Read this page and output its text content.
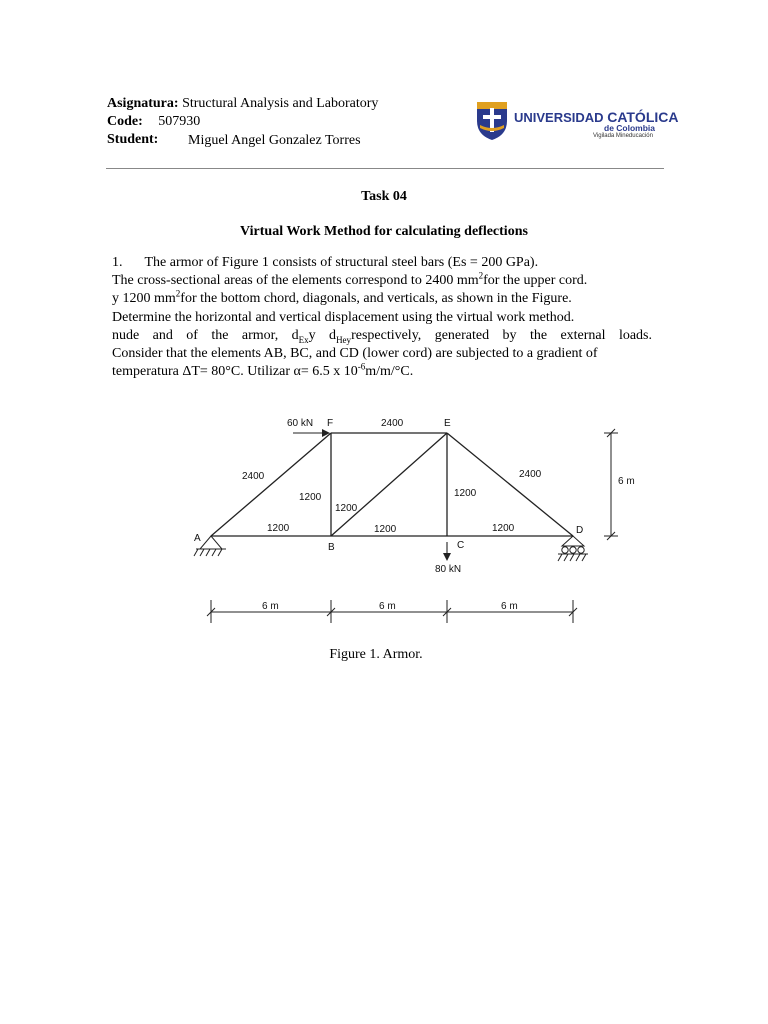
Asignatura: Structural Analysis and Laboratory
Code: 507930
Student: Miguel Angel Gonzalez Torres
UNIVERSIDAD CATÓLICA
de Colombia
Vigilada Mineducación
Task 04
Virtual Work Method for calculating deflections

1. The armor of Figure 1 consists of structural steel bars (Es = 200 GPa).

The cross-sectional areas of the elements correspond to 2400 $mm^2for$ the upper cord.

y 1200 $mm^2for$ the bottom chord, diagonals, and verticals, as shown in the Figure.

Determine the horizontal and vertical displacement using the virtual work method.

nude and of the armor, $d_{Ex}y$ $d_{Hey}respectively$, generated by the external loads.

Consider that the elements AB, BC, and CD (lower cord) are subjected to a gradient of

temperatura ΔT= 80°C. Utilizar α= 6.5 x $10^{-6}m/m/^\circ C$.

A
B	C
D
E
F
2400
2400
2400
1200
1200
1200
1200	1200	1200
60 kN
80 kN
6 m
6 m	6 m	6 m
Figure 1. Armor.
